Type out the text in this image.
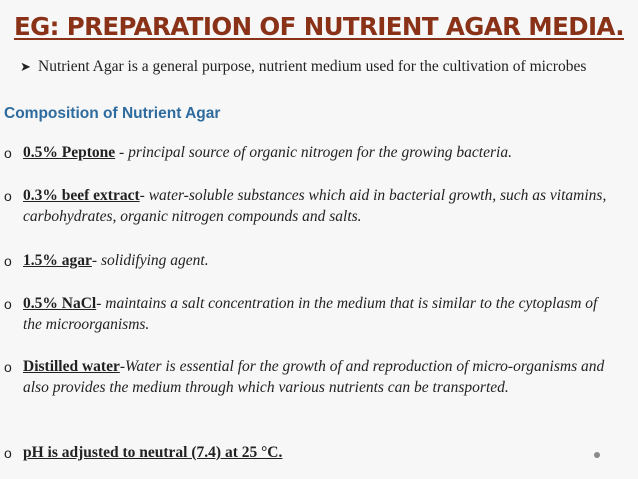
EG: PREPARATION OF NUTRIENT AGAR MEDIA.
➤ Nutrient Agar is a general purpose, nutrient medium used for the cultivation of microbes
Composition of Nutrient Agar
o 0.5% Peptone - principal source of organic nitrogen for the growing bacteria.
o 0.3% beef extract- water-soluble substances which aid in bacterial growth, such as vitamins, carbohydrates, organic nitrogen compounds and salts.
o 1.5% agar- solidifying agent.
o 0.5% NaCl- maintains a salt concentration in the medium that is similar to the cytoplasm of the microorganisms.
o Distilled water-Water is essential for the growth of and reproduction of micro-organisms and also provides the medium through which various nutrients can be transported.
o pH is adjusted to neutral (7.4) at 25 °C.
